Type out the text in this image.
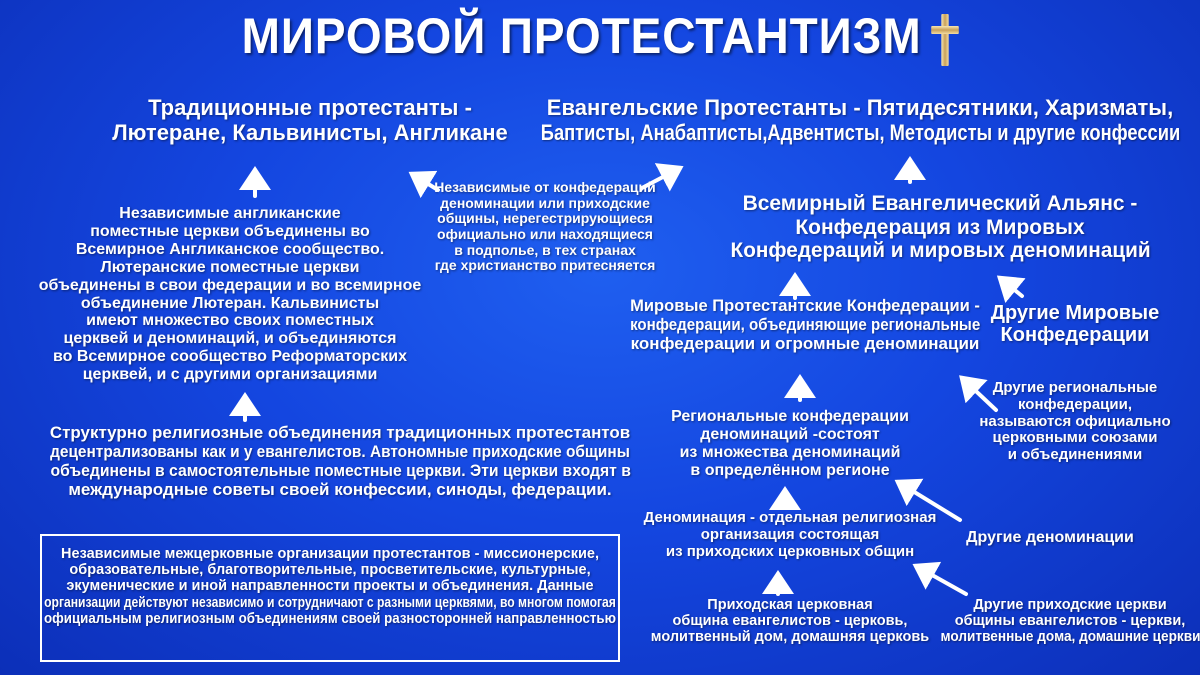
МИРОВОЙ ПРОТЕСТАНТИЗМ
Традиционные протестанты -
Лютеране, Кальвинисты, Англикане
Евангельские Протестанты - Пятидесятники, Харизматы,
Баптисты, Анабаптисты,Адвентисты, Методисты и другие конфессии
Независимые от конфедераций
деноминации или приходские
общины, нерегестрирующиеся
официально или находящиеся
в подполье, в тех странах
где христианство притесняется
Независимые англиканские
поместные церкви объединены во
Всемирное Англиканское сообщество.
Лютеранские поместные церкви
объединены в свои федерации и во всемирное
объединение Лютеран. Кальвинисты
имеют множество своих поместных
церквей и деноминаций, и объединяются
во Всемирное сообщество Реформаторских
церквей, и с другими организациями
Всемирный Евангелический Альянс -
Конфедерация из Мировых
Конфедераций и мировых деноминаций
Мировые Протестантские Конфедерации -
конфедерации, объединяющие региональные
конфедерации и огромные деноминации
Другие Мировые
Конфедерации
Структурно религиозные объединения традиционных протестантов
децентрализованы как и у евангелистов. Автономные приходские общины
объединены в самостоятельные поместные церкви. Эти церкви входят в
международные советы своей конфессии, синоды, федерации.
Региональные конфедерации
деноминаций -состоят
из множества деноминаций
в определённом регионе
Другие региональные
конфедерации,
называются официально
церковными союзами
и объединениями
Деноминация - отдельная религиозная
организация состоящая
из приходских церковных общин
Другие деноминации
Приходская церковная
община евангелистов - церковь,
молитвенный дом, домашняя церковь
Другие приходские церкви
общины евангелистов - церкви,
молитвенные дома, домашние церкви
Независимые межцерковные организации протестантов - миссионерские,
образовательные, благотворительные, просветительские, культурные,
экуменические и иной направленности проекты и объединения. Данные
организации действуют независимо и сотрудничают с разными церквями, во многом помогая
официальным религиозным объединениям своей разносторонней направленностью
